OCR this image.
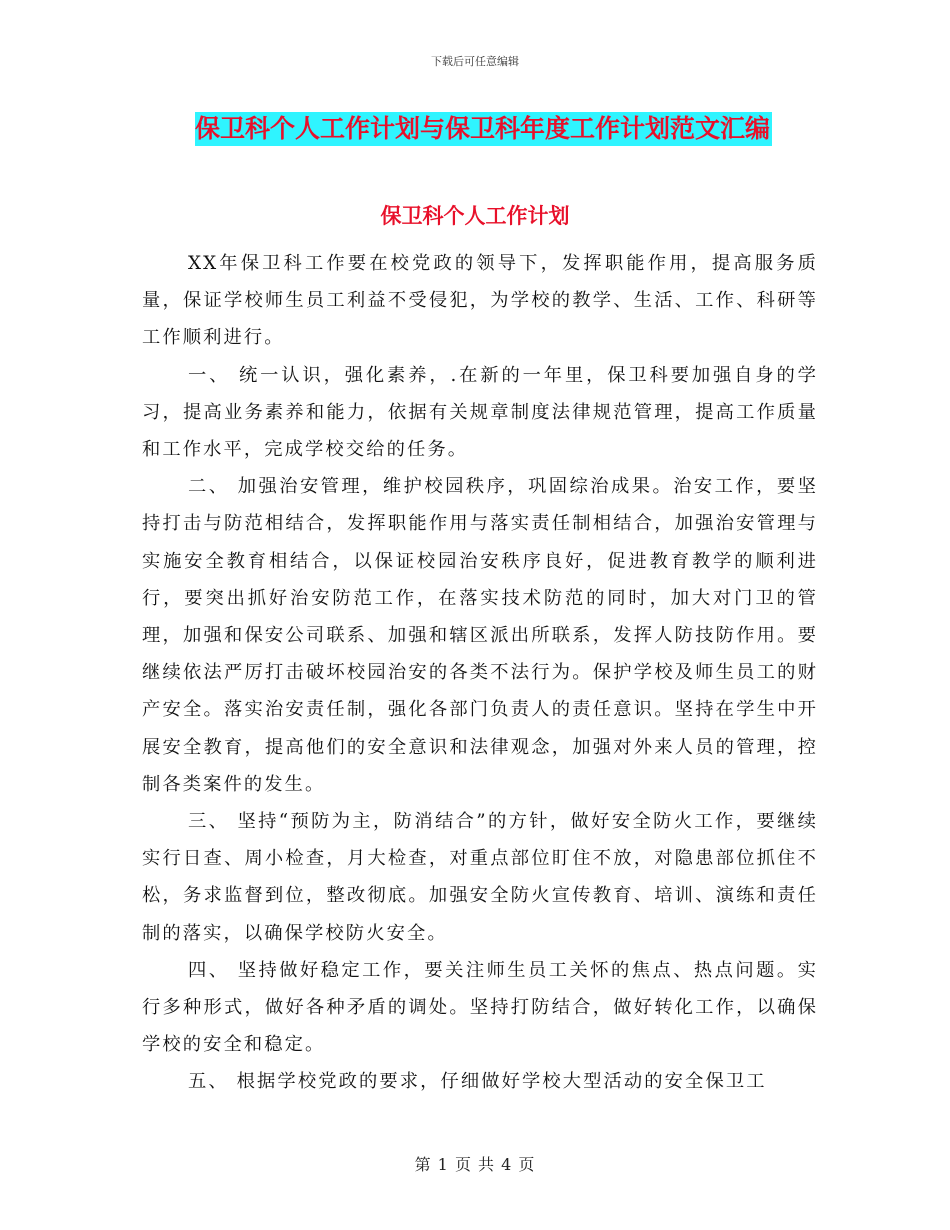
下载后可任意编辑
保卫科个人工作计划与保卫科年度工作计划范文汇编
保卫科个人工作计划

XX年保卫科工作要在校党政的领导下，发挥职能作用，提高服务质量，保证学校师生员工利益不受侵犯，为学校的教学、生活、工作、科研等工作顺利进行。

一、 统一认识，强化素养，.在新的一年里，保卫科要加强自身的学习，提高业务素养和能力，依据有关规章制度法律规范管理，提高工作质量和工作水平，完成学校交给的任务。

二、 加强治安管理，维护校园秩序，巩固综治成果。治安工作，要坚持打击与防范相结合，发挥职能作用与落实责任制相结合，加强治安管理与实施安全教育相结合，以保证校园治安秩序良好，促进教育教学的顺利进行，要突出抓好治安防范工作，在落实技术防范的同时，加大对门卫的管理，加强和保安公司联系、加强和辖区派出所联系，发挥人防技防作用。要继续依法严厉打击破坏校园治安的各类不法行为。保护学校及师生员工的财产安全。落实治安责任制，强化各部门负责人的责任意识。坚持在学生中开展安全教育，提高他们的安全意识和法律观念，加强对外来人员的管理，控制各类案件的发生。

三、 坚持“预防为主，防消结合”的方针，做好安全防火工作，要继续实行日查、周小检查，月大检查，对重点部位盯住不放，对隐患部位抓住不松，务求监督到位，整改彻底。加强安全防火宣传教育、培训、演练和责任制的落实，以确保学校防火安全。

四、 坚持做好稳定工作，要关注师生员工关怀的焦点、热点问题。实行多种形式，做好各种矛盾的调处。坚持打防结合，做好转化工作，以确保学校的安全和稳定。

五、 根据学校党政的要求，仔细做好学校大型活动的安全保卫工

第 1 页 共 4 页
